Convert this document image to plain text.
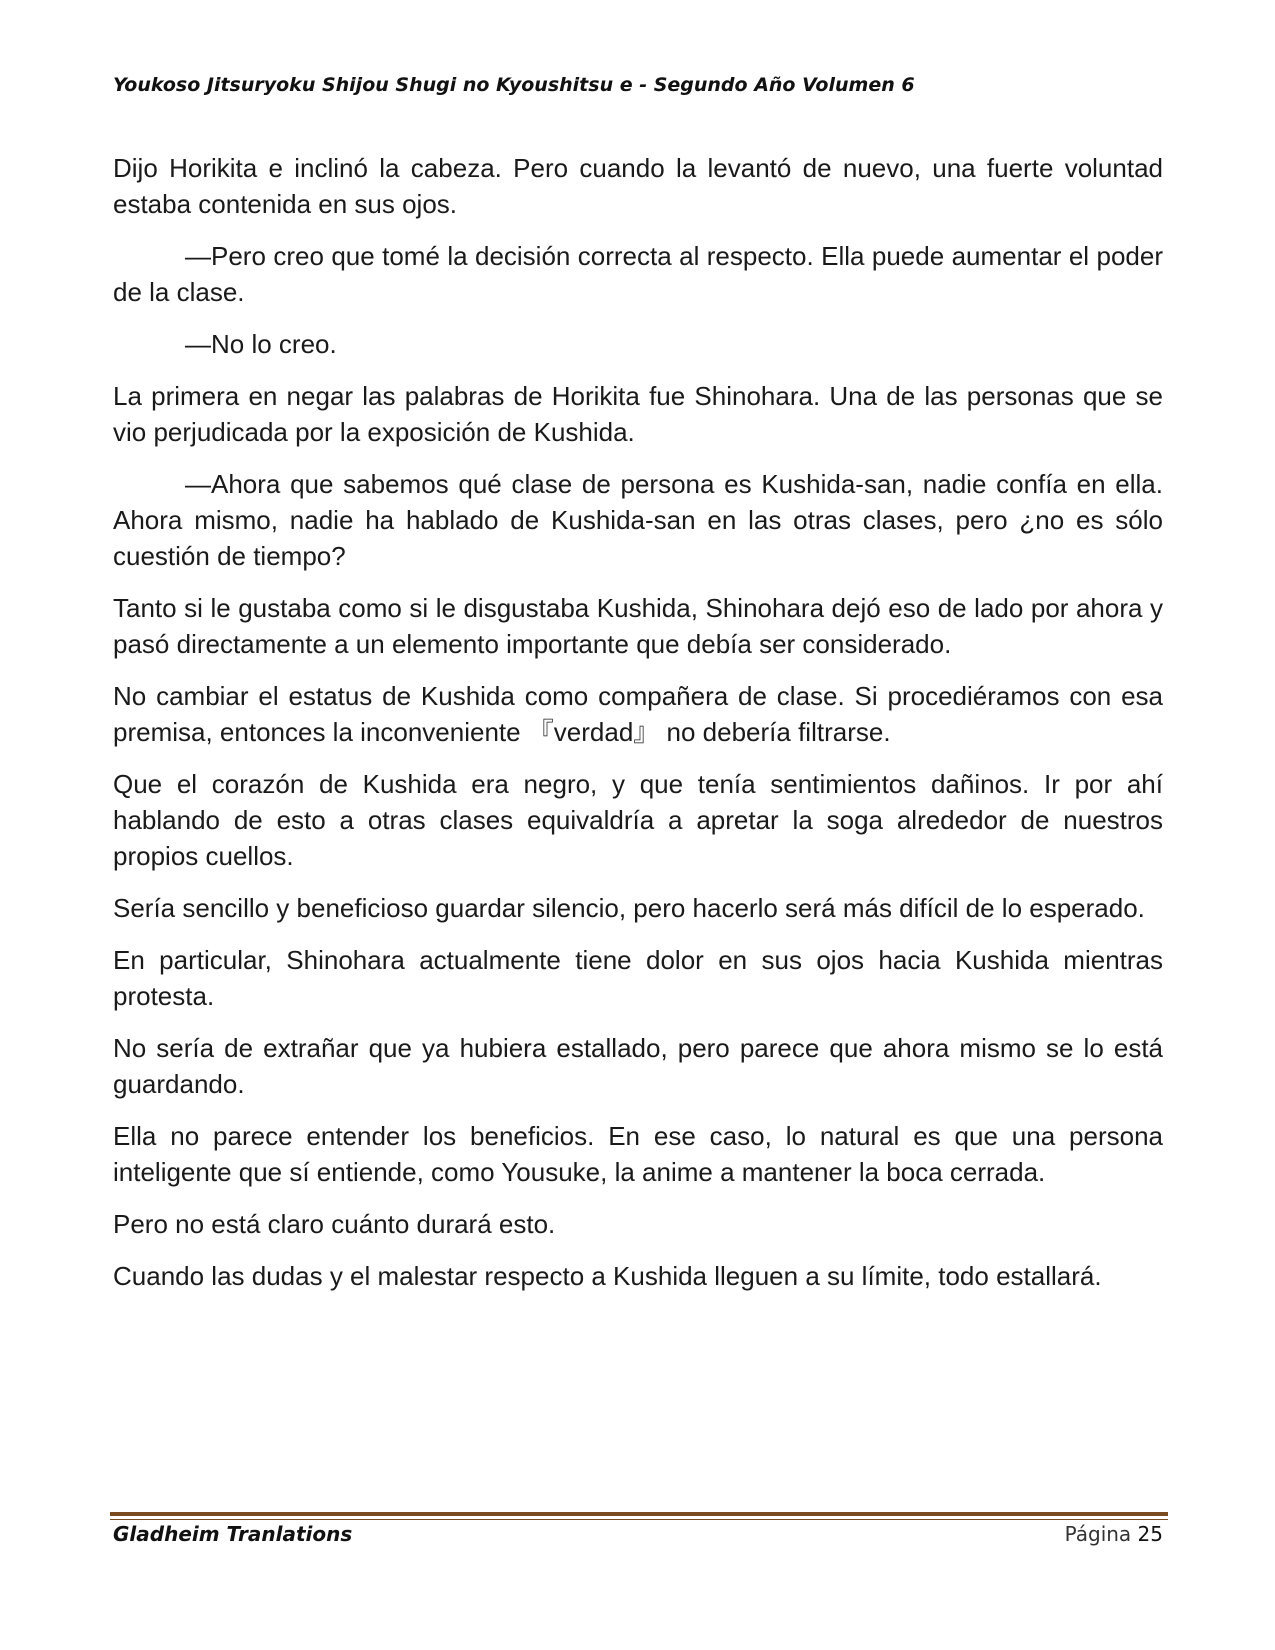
Youkoso Jitsuryoku Shijou Shugi no Kyoushitsu e - Segundo Año Volumen 6

Dijo Horikita e inclinó la cabeza. Pero cuando la levantó de nuevo, una fuerte voluntad estaba contenida en sus ojos.

—Pero creo que tomé la decisión correcta al respecto. Ella puede aumentar el poder de la clase.

—No lo creo.

La primera en negar las palabras de Horikita fue Shinohara. Una de las personas que se vio perjudicada por la exposición de Kushida.

—Ahora que sabemos qué clase de persona es Kushida-san, nadie confía en ella. Ahora mismo, nadie ha hablado de Kushida-san en las otras clases, pero ¿no es sólo cuestión de tiempo?

Tanto si le gustaba como si le disgustaba Kushida, Shinohara dejó eso de lado por ahora y pasó directamente a un elemento importante que debía ser considerado.

No cambiar el estatus de Kushida como compañera de clase. Si procediéramos con esa premisa, entonces la inconveniente 『verdad』 no debería filtrarse.

Que el corazón de Kushida era negro, y que tenía sentimientos dañinos. Ir por ahí hablando de esto a otras clases equivaldría a apretar la soga alrededor de nuestros propios cuellos.

Sería sencillo y beneficioso guardar silencio, pero hacerlo será más difícil de lo esperado.

En particular, Shinohara actualmente tiene dolor en sus ojos hacia Kushida mientras protesta.

No sería de extrañar que ya hubiera estallado, pero parece que ahora mismo se lo está guardando.

Ella no parece entender los beneficios. En ese caso, lo natural es que una persona inteligente que sí entiende, como Yousuke, la anime a mantener la boca cerrada.

Pero no está claro cuánto durará esto.

Cuando las dudas y el malestar respecto a Kushida lleguen a su límite, todo estallará.

Gladheim Tranlations	Página 25
